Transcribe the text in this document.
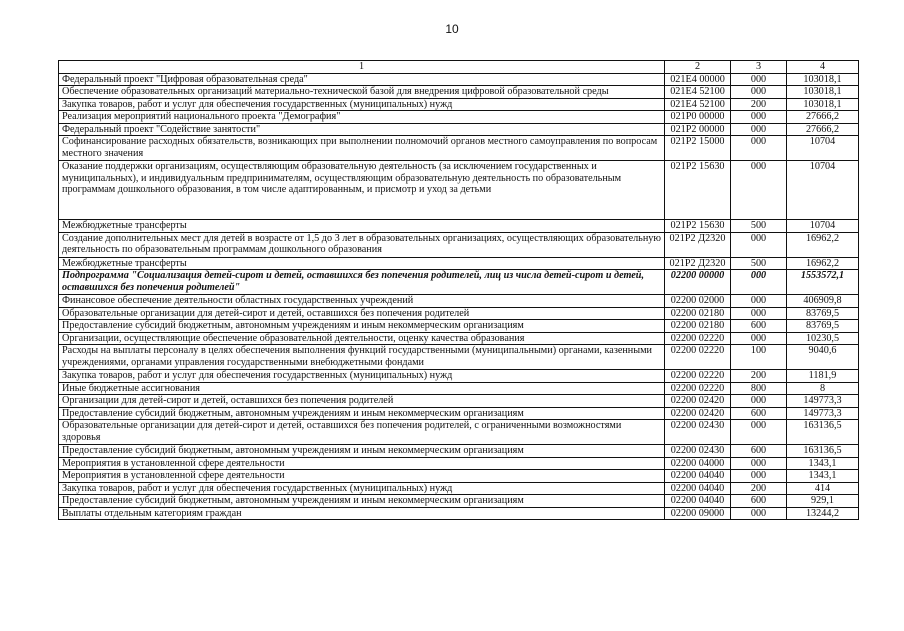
10
1	2	3	4
Федеральный проект "Цифровая образовательная среда"	021Е4 00000	000	103018,1
Обеспечение образовательных организаций материально-технической базой для внедрения цифровой образовательной среды	021Е4 52100	000	103018,1
Закупка товаров, работ и услуг для обеспечения государственных (муниципальных) нужд	021Е4 52100	200	103018,1
Реализация мероприятий национального проекта "Демография"	021Р0 00000	000	27666,2
Федеральный проект "Содействие занятости"	021Р2 00000	000	27666,2
Софинансирование расходных обязательств, возникающих при выполнении полномочий органов местного самоуправления по вопросам местного значения	021Р2 15000	000	10704
Оказание поддержки организациям, осуществляющим образовательную деятельность (за исключением государственных и муниципальных), и индивидуальным предпринимателям, осуществляющим образовательную деятельность по образовательным программам дошкольного образования, в том числе адаптированным, и присмотр и уход за детьми	021Р2 15630	000	10704
Межбюджетные трансферты	021Р2 15630	500	10704
Создание дополнительных мест для детей в возрасте от 1,5 до 3 лет в образовательных организациях, осуществляющих образовательную деятельность по образовательным программам дошкольного образования	021Р2 Д2320	000	16962,2
Межбюджетные трансферты	021Р2 Д2320	500	16962,2
Подпрограмма "Социализация детей-сирот и детей, оставшихся без попечения родителей, лиц из числа детей-сирот и детей, оставшихся без попечения родителей"	02200 00000	000	1553572,1
Финансовое обеспечение деятельности областных государственных учреждений	02200 02000	000	406909,8
Образовательные организации для детей-сирот и детей, оставшихся без попечения родителей	02200 02180	000	83769,5
Предоставление субсидий бюджетным, автономным учреждениям и иным некоммерческим организациям	02200 02180	600	83769,5
Организации, осуществляющие обеспечение образовательной деятельности, оценку качества образования	02200 02220	000	10230,5
Расходы на выплаты персоналу в целях обеспечения выполнения функций государственными (муниципальными) органами, казенными учреждениями, органами управления государственными внебюджетными фондами	02200 02220	100	9040,6
Закупка товаров, работ и услуг для обеспечения государственных (муниципальных) нужд	02200 02220	200	1181,9
Иные бюджетные ассигнования	02200 02220	800	8
Организации для детей-сирот и детей, оставшихся без попечения родителей	02200 02420	000	149773,3
Предоставление субсидий бюджетным, автономным учреждениям и иным некоммерческим организациям	02200 02420	600	149773,3
Образовательные организации для детей-сирот и детей, оставшихся без попечения родителей, с ограниченными возможностями здоровья	02200 02430	000	163136,5
Предоставление субсидий бюджетным, автономным учреждениям и иным некоммерческим организациям	02200 02430	600	163136,5
Мероприятия в установленной сфере деятельности	02200 04000	000	1343,1
Мероприятия в установленной сфере деятельности	02200 04040	000	1343,1
Закупка товаров, работ и услуг для обеспечения государственных (муниципальных) нужд	02200 04040	200	414
Предоставление субсидий бюджетным, автономным учреждениям и иным некоммерческим организациям	02200 04040	600	929,1
Выплаты отдельным категориям граждан	02200 09000	000	13244,2
